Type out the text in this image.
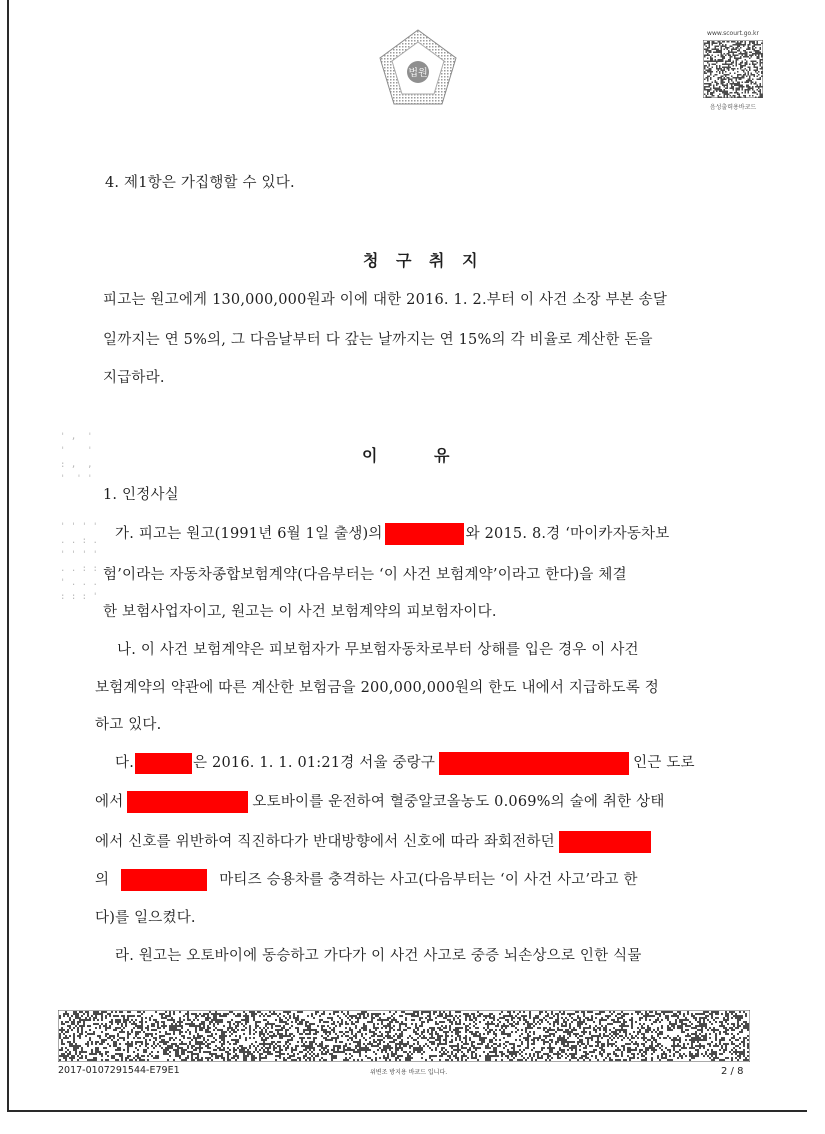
법원
www.scourt.go.kr
음성출력용바코드
4. 제1항은 가집행할 수 있다.
청 구 취 지
피고는 원고에게 130,000,000원과 이에 대한 2016. 1. 2.부터 이 사건 소장 부본 송달
일까지는 연 5%의, 그 다음날부터 다 갚는 날까지는 연 15%의 각 비율로 계산한 돈을
지급하라.
' ,  '
'    '
: ,  ,
'  ' '
' ' ' '
. . : .
' ' ' '
. . : :
' . . .
: : : '
이	유
1. 인정사실
가. 피고는 원고(1991년 6월 1일 출생)의	와 2015. 8.경 ‘마이카자동차보
험’이라는 자동차종합보험계약(다음부터는 ‘이 사건 보험계약’이라고 한다)을 체결
한 보험사업자이고, 원고는 이 사건 보험계약의 피보험자이다.
나. 이 사건 보험계약은 피보험자가 무보험자동차로부터 상해를 입은 경우 이 사건
보험계약의 약관에 따른 계산한 보험금을 200,000,000원의 한도 내에서 지급하도록 정
하고 있다.
다.	은 2016. 1. 1. 01:21경 서울 중랑구	인근 도로
에서	오토바이를 운전하여 혈중알코올농도 0.069%의 술에 취한 상태
에서 신호를 위반하여 직진하다가 반대방향에서 신호에 따라 좌회전하던
의	마티즈 승용차를 충격하는 사고(다음부터는 ‘이 사건 사고’라고 한
다)를 일으켰다.
라. 원고는 오토바이에 동승하고 가다가 이 사건 사고로 중증 뇌손상으로 인한 식물
2017-0107291544-E79E1	위변조 방지용 바코드 입니다.	2 / 8
